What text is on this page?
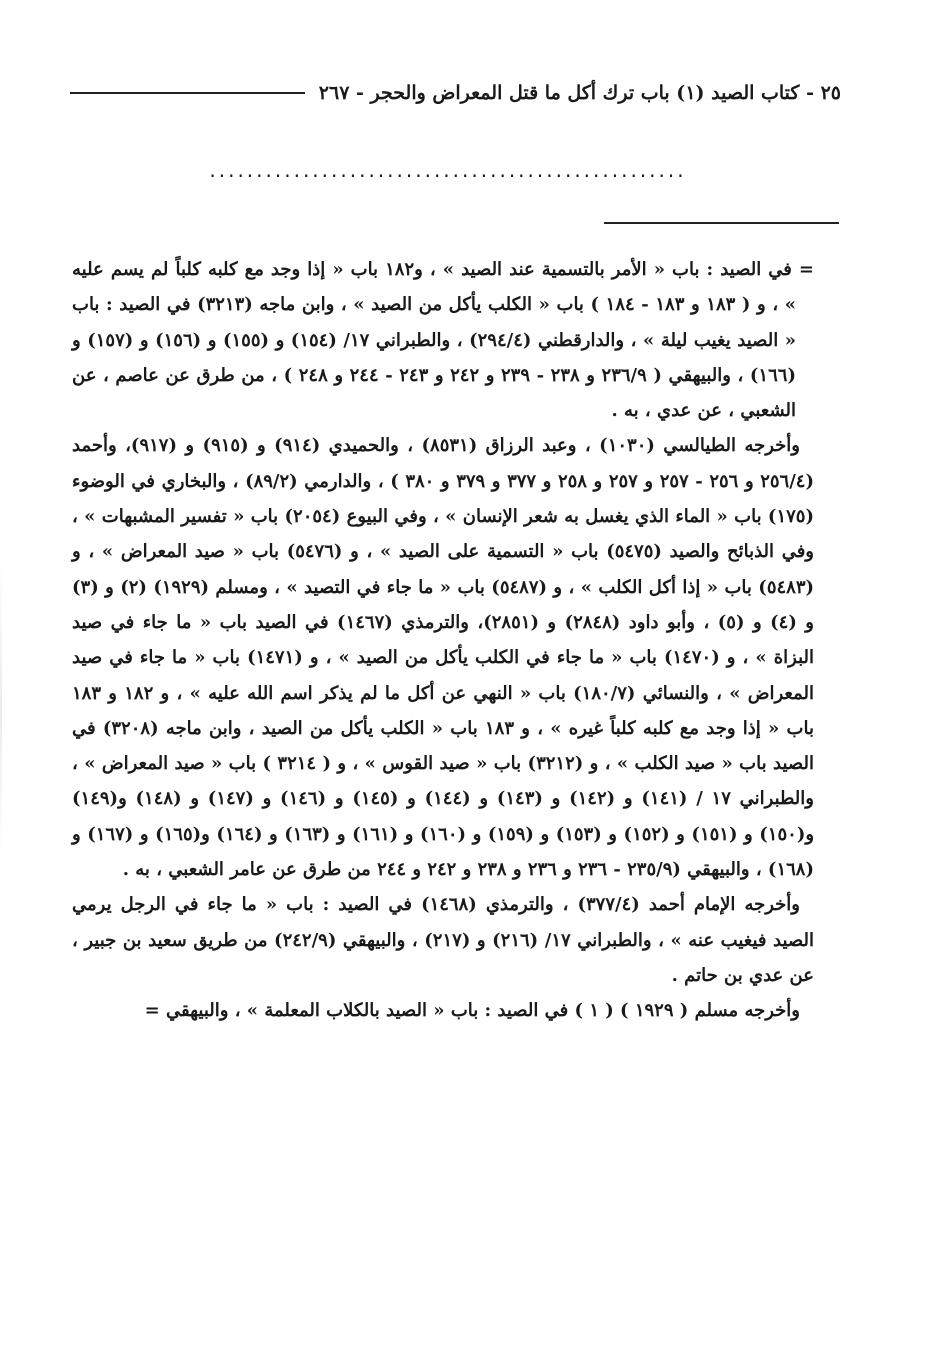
٢٥ - كتاب الصيد (١) باب ترك أكل ما قتل المعراض والحجر - ٢٦٧
...................................................

= في الصيد : باب « الأمر بالتسمية عند الصيد » ، و١٨٢ باب « إذا وجد مع كلبه كلباً لم يسم عليه » ، و ( ١٨٣ و ١٨٣ - ١٨٤ ) باب « الكلب يأكل من الصيد » ، وابن ماجه (٣٢١٣) في الصيد : باب « الصيد يغيب ليلة » ، والدارقطني (٢٩٤/٤) ، والطبراني ١٧/ (١٥٤) و (١٥٥) و (١٥٦) و (١٥٧) و (١٦٦) ، والبيهقي ( ٢٣٦/٩ و ٢٣٨ - ٢٣٩ و ٢٤٢ و ٢٤٣ - ٢٤٤ و ٢٤٨ ) ، من طرق عن عاصم ، عن الشعبي ، عن عدي ، به .

وأخرجه الطيالسي (١٠٣٠) ، وعبد الرزاق (٨٥٣١) ، والحميدي (٩١٤) و (٩١٥) و (٩١٧)، وأحمد (٢٥٦/٤ و ٢٥٦ - ٢٥٧ و ٢٥٧ و ٢٥٨ و ٣٧٧ و ٣٧٩ و ٣٨٠ ) ، والدارمي (٨٩/٢) ، والبخاري في الوضوء (١٧٥) باب « الماء الذي يغسل به شعر الإنسان » ، وفي البيوع (٢٠٥٤) باب « تفسير المشبهات » ، وفي الذبائح والصيد (٥٤٧٥) باب « التسمية على الصيد » ، و (٥٤٧٦) باب « صيد المعراض » ، و (٥٤٨٣) باب « إذا أكل الكلب » ، و (٥٤٨٧) باب « ما جاء في التصيد » ، ومسلم (١٩٢٩) (٢) و (٣) و (٤) و (٥) ، وأبو داود (٢٨٤٨) و (٢٨٥١)، والترمذي (١٤٦٧) في الصيد باب « ما جاء في صيد البزاة » ، و (١٤٧٠) باب « ما جاء في الكلب يأكل من الصيد » ، و (١٤٧١) باب « ما جاء في صيد المعراض » ، والنسائي (١٨٠/٧) باب « النهي عن أكل ما لم يذكر اسم الله عليه » ، و ١٨٢ و ١٨٣ باب « إذا وجد مع كلبه كلباً غيره » ، و ١٨٣ باب « الكلب يأكل من الصيد ، وابن ماجه (٣٢٠٨) في الصيد باب « صيد الكلب » ، و (٣٢١٢) باب « صيد القوس » ، و ( ٣٢١٤ ) باب « صيد المعراض » ، والطبراني ١٧ / (١٤١) و (١٤٢) و (١٤٣) و (١٤٤) و (١٤٥) و (١٤٦) و (١٤٧) و (١٤٨) و(١٤٩) و(١٥٠) و (١٥١) و (١٥٢) و (١٥٣) و (١٥٩) و (١٦٠) و (١٦١) و (١٦٣) و (١٦٤) و(١٦٥) و (١٦٧) و (١٦٨) ، والبيهقي (٢٣٥/٩ - ٢٣٦ و ٢٣٦ و ٢٣٨ و ٢٤٢ و ٢٤٤ من طرق عن عامر الشعبي ، به .

وأخرجه الإمام أحمد (٣٧٧/٤) ، والترمذي (١٤٦٨) في الصيد : باب « ما جاء في الرجل يرمي الصيد فيغيب عنه » ، والطبراني ١٧/ (٢١٦) و (٢١٧) ، والبيهقي (٢٤٢/٩) من طريق سعيد بن جبير ، عن عدي بن حاتم .

وأخرجه مسلم ( ١٩٢٩ ) ( ١ ) في الصيد : باب « الصيد بالكلاب المعلمة » ، والبيهقي =
